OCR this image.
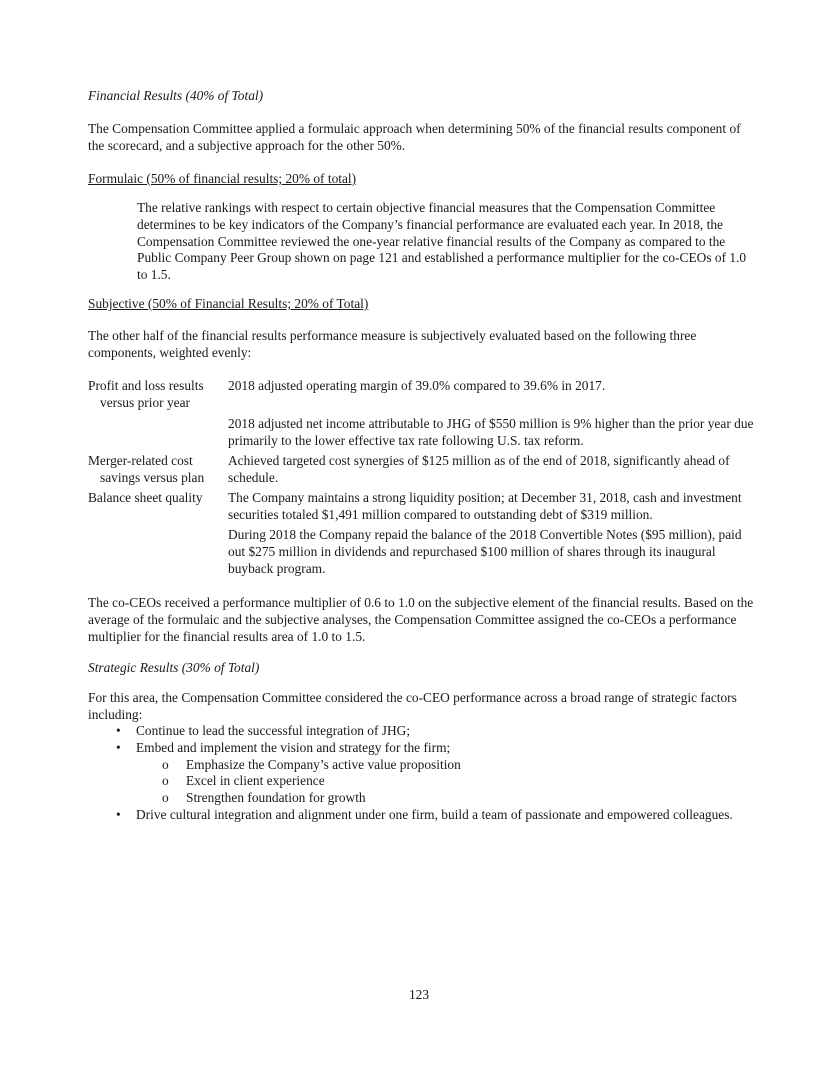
Financial Results (40% of Total)

The Compensation Committee applied a formulaic approach when determining 50% of the financial results component of the scorecard, and a subjective approach for the other 50%.

Formulaic (50% of financial results; 20% of total)

The relative rankings with respect to certain objective financial measures that the Compensation Committee determines to be key indicators of the Company’s financial performance are evaluated each year. In 2018, the Compensation Committee reviewed the one-year relative financial results of the Company as compared to the Public Company Peer Group shown on page 121 and established a performance multiplier for the co-CEOs of 1.0 to 1.5.

Subjective (50% of Financial Results; 20% of Total)

The other half of the financial results performance measure is subjectively evaluated based on the following three components, weighted evenly:

Profit and loss results
versus prior year
2018 adjusted operating margin of 39.0% compared to 39.6% in 2017.
2018 adjusted net income attributable to JHG of $550 million is 9% higher than the prior year due primarily to the lower effective tax rate following U.S. tax reform.
Merger-related cost
savings versus plan
Achieved targeted cost synergies of $125 million as of the end of 2018, significantly ahead of schedule.
Balance sheet quality	The Company maintains a strong liquidity position; at December 31, 2018, cash and investment securities totaled $1,491 million compared to outstanding debt of $319 million.
During 2018 the Company repaid the balance of the 2018 Convertible Notes ($95 million), paid out $275 million in dividends and repurchased $100 million of shares through its inaugural buyback program.

The co-CEOs received a performance multiplier of 0.6 to 1.0 on the subjective element of the financial results. Based on the average of the formulaic and the subjective analyses, the Compensation Committee assigned the co-CEOs a performance multiplier for the financial results area of 1.0 to 1.5.

Strategic Results (30% of Total)

For this area, the Compensation Committee considered the co-CEO performance across a broad range of strategic factors including:

• Continue to lead the successful integration of JHG;
• Embed and implement the vision and strategy for the firm;
o Emphasize the Company’s active value proposition
o Excel in client experience
o Strengthen foundation for growth
• Drive cultural integration and alignment under one firm, build a team of passionate and empowered colleagues.
123
